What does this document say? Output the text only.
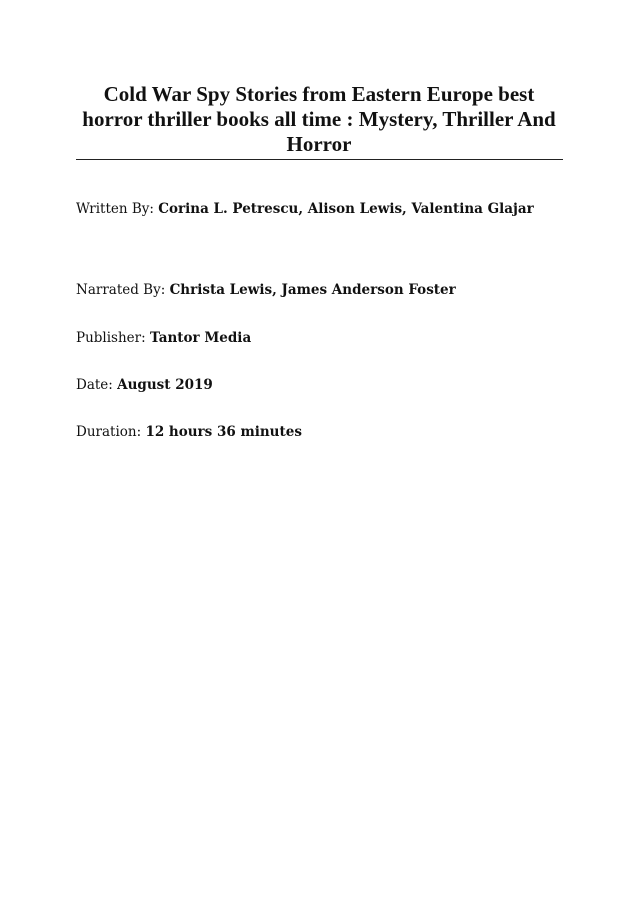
Cold War Spy Stories from Eastern Europe best horror thriller books all time : Mystery, Thriller And Horror

Written By: Corina L. Petrescu, Alison Lewis, Valentina Glajar

Narrated By: Christa Lewis, James Anderson Foster

Publisher: Tantor Media

Date: August 2019

Duration: 12 hours 36 minutes
